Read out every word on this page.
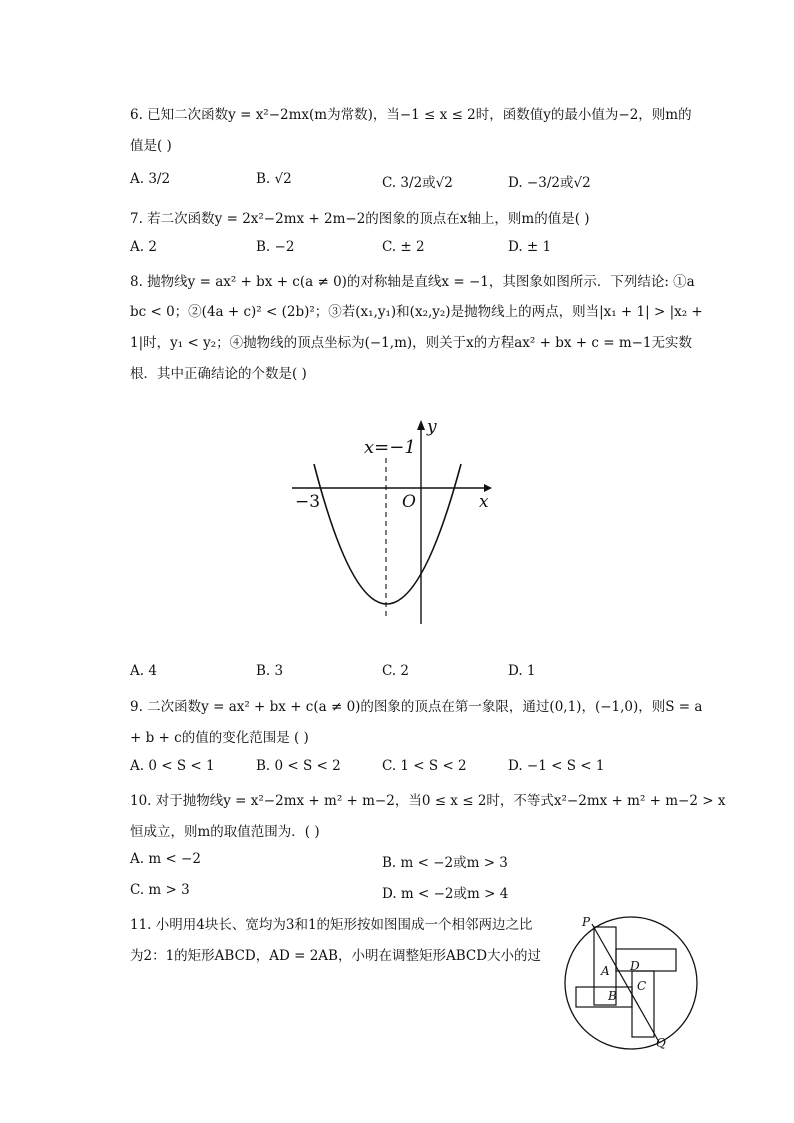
6. 已知二次函数y = x²−2mx(m为常数)，当−1 ≤ x ≤ 2时，函数值y的最小值为−2，则m的
值是( )
A. 3/2	B. √2	C. 3/2或√2	D. −3/2或√2
7. 若二次函数y = 2x²−2mx + 2m−2的图象的顶点在x轴上，则m的值是( )
A. 2	B. −2	C. ± 2	D. ± 1
8. 抛物线y = ax² + bx + c(a ≠ 0)的对称轴是直线x = −1，其图象如图所示．下列结论: ①a
bc < 0；②(4a + c)² < (2b)²；③若(x₁,y₁)和(x₂,y₂)是抛物线上的两点，则当|x₁ + 1| > |x₂ +
1|时，y₁ < y₂；④抛物线的顶点坐标为(−1,m)，则关于x的方程ax² + bx + c = m−1无实数
根．其中正确结论的个数是( )
x=−1
y
x
O
−3
A. 4	B. 3	C. 2	D. 1
9. 二次函数y = ax² + bx + c(a ≠ 0)的图象的顶点在第一象限，通过(0,1)，(−1,0)，则S = a
+ b + c的值的变化范围是 ( )
A. 0 < S < 1	B. 0 < S < 2	C. 1 < S < 2	D. −1 < S < 1
10. 对于抛物线y = x²−2mx + m² + m−2，当0 ≤ x ≤ 2时，不等式x²−2mx + m² + m−2 > x
恒成立，则m的取值范围为．( )
A. m < −2	B. m < −2或m > 3
C. m > 3	D. m < −2或m > 4
11. 小明用4块长、宽均为3和1的矩形按如图围成一个相邻两边之比
为2：1的矩形ABCD，AD = 2AB，小明在调整矩形ABCD大小的过
P
Q
A D
B
C
